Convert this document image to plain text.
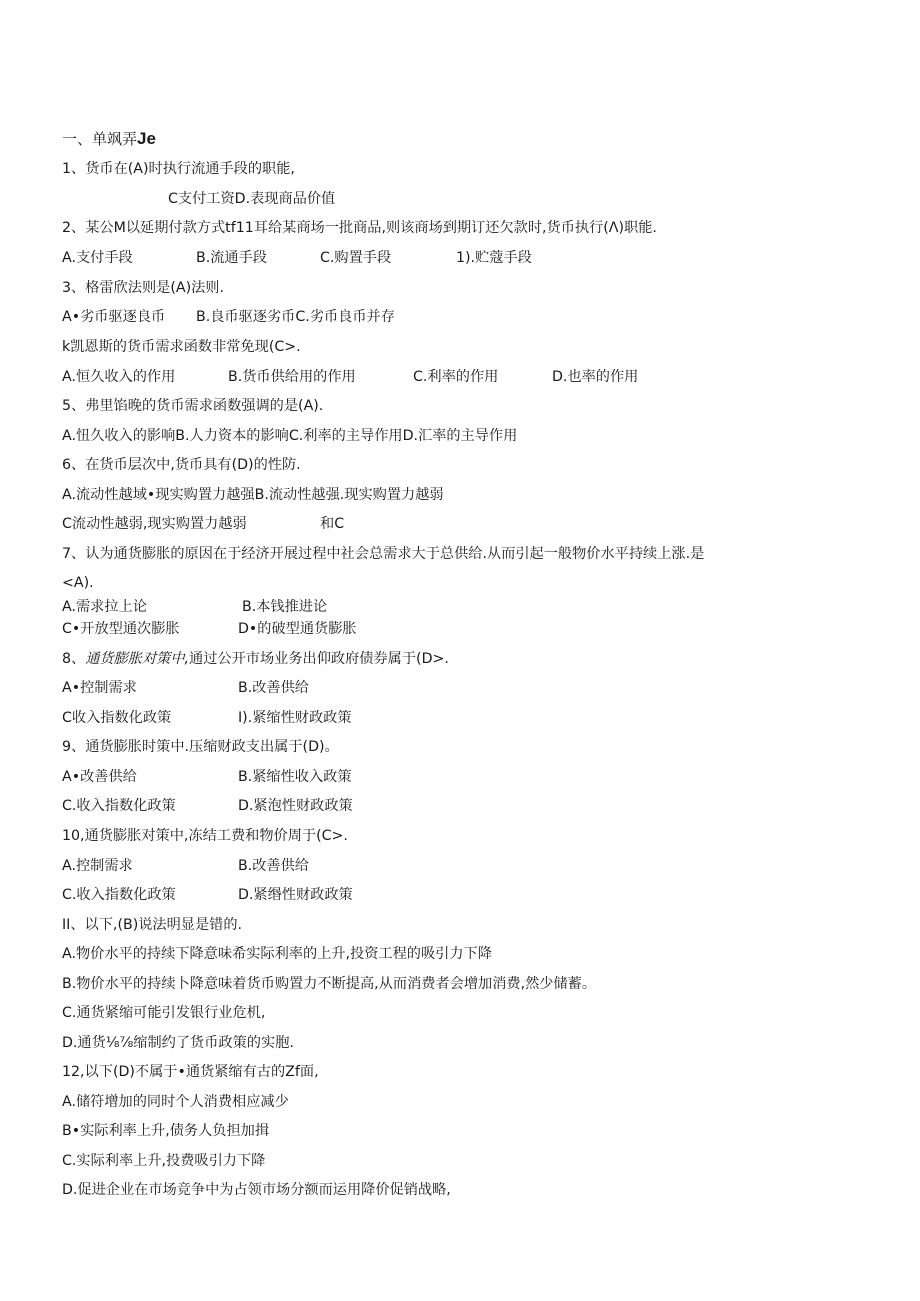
一、单飒弄Je
1、货币在(A)时执行流通手段的职能,
C支付工资D.表现商品价值
2、某公M以延期付款方式tf11耳给某商场一批商品,则该商场到期订还欠款时,货币执行(Λ)职能.
A.支付手段	B.流通手段	C.购置手段	1).贮蔻手段
3、格雷欣法则是(A)法则.
A•劣币驱逐良币 B.良币驱逐劣币C.劣币良币并存
k凯恩斯的货币需求函数非常免现(C>.
A.恒久收入的作用	B.货币供给用的作用	C.利率的作用	D.也率的作用
5、弗里馅晚的货币需求函数强调的是(A).
A.忸久收入的影响B.人力资本的影响C.利率的主导作用D.汇率的主导作用
6、在货币层次中,货币具有(D)的性防.
A.流动性越域•现实购置力越强B.流动性越强.现实购置力越弱
C流动性越弱,现实购置力越弱	和C
7、认为通货膨胀的原因在于经济开展过程中社会总需求大于总供给.从而引起一般物价水平持续上涨.是
<A).
A.需求拉上论	B.本钱推进论
C•开放型通次膨胀	D•的破型通货膨胀
8、通货膨胀对策中,通过公开市场业务出仰政府债券属于(D>.
A•控制需求	B.改善供给
C收入指数化政策	I).紧缩性财政政策
9、通货膨胀时策中.压缩财政支出属于(D)。
A•改善供给	B.紧缩性收入政策
C.收入指数化政策	D.紧泡性财政政策
10,通货膨胀对策中,冻结工费和物价周于(C>.
A.控制需求	B.改善供给
C.收入指数化政策	D.紧缗性财政政策
II、以下,(B)说法明显是错的.
A.物价水平的持续下降意味希实际利率的上升,投资工程的吸引力下降
B.物价水平的持续卜降意味着货币购置力不断提高,从而消费者会增加消费,然少储蓄。
C.通货紧缩可能引发银行业危机,
D.通货⅛⅞缩制约了货币政策的实胞.
12,以下(D)不属于•通货紧缩有古的Zf面,
A.储符增加的同时个人消费相应减少
B•实际利率上升,债务人负担加揖
C.实际利率上升,投费吸引力下降
D.促进企业在市场竞争中为占领市场分额而运用降价促销战略,
